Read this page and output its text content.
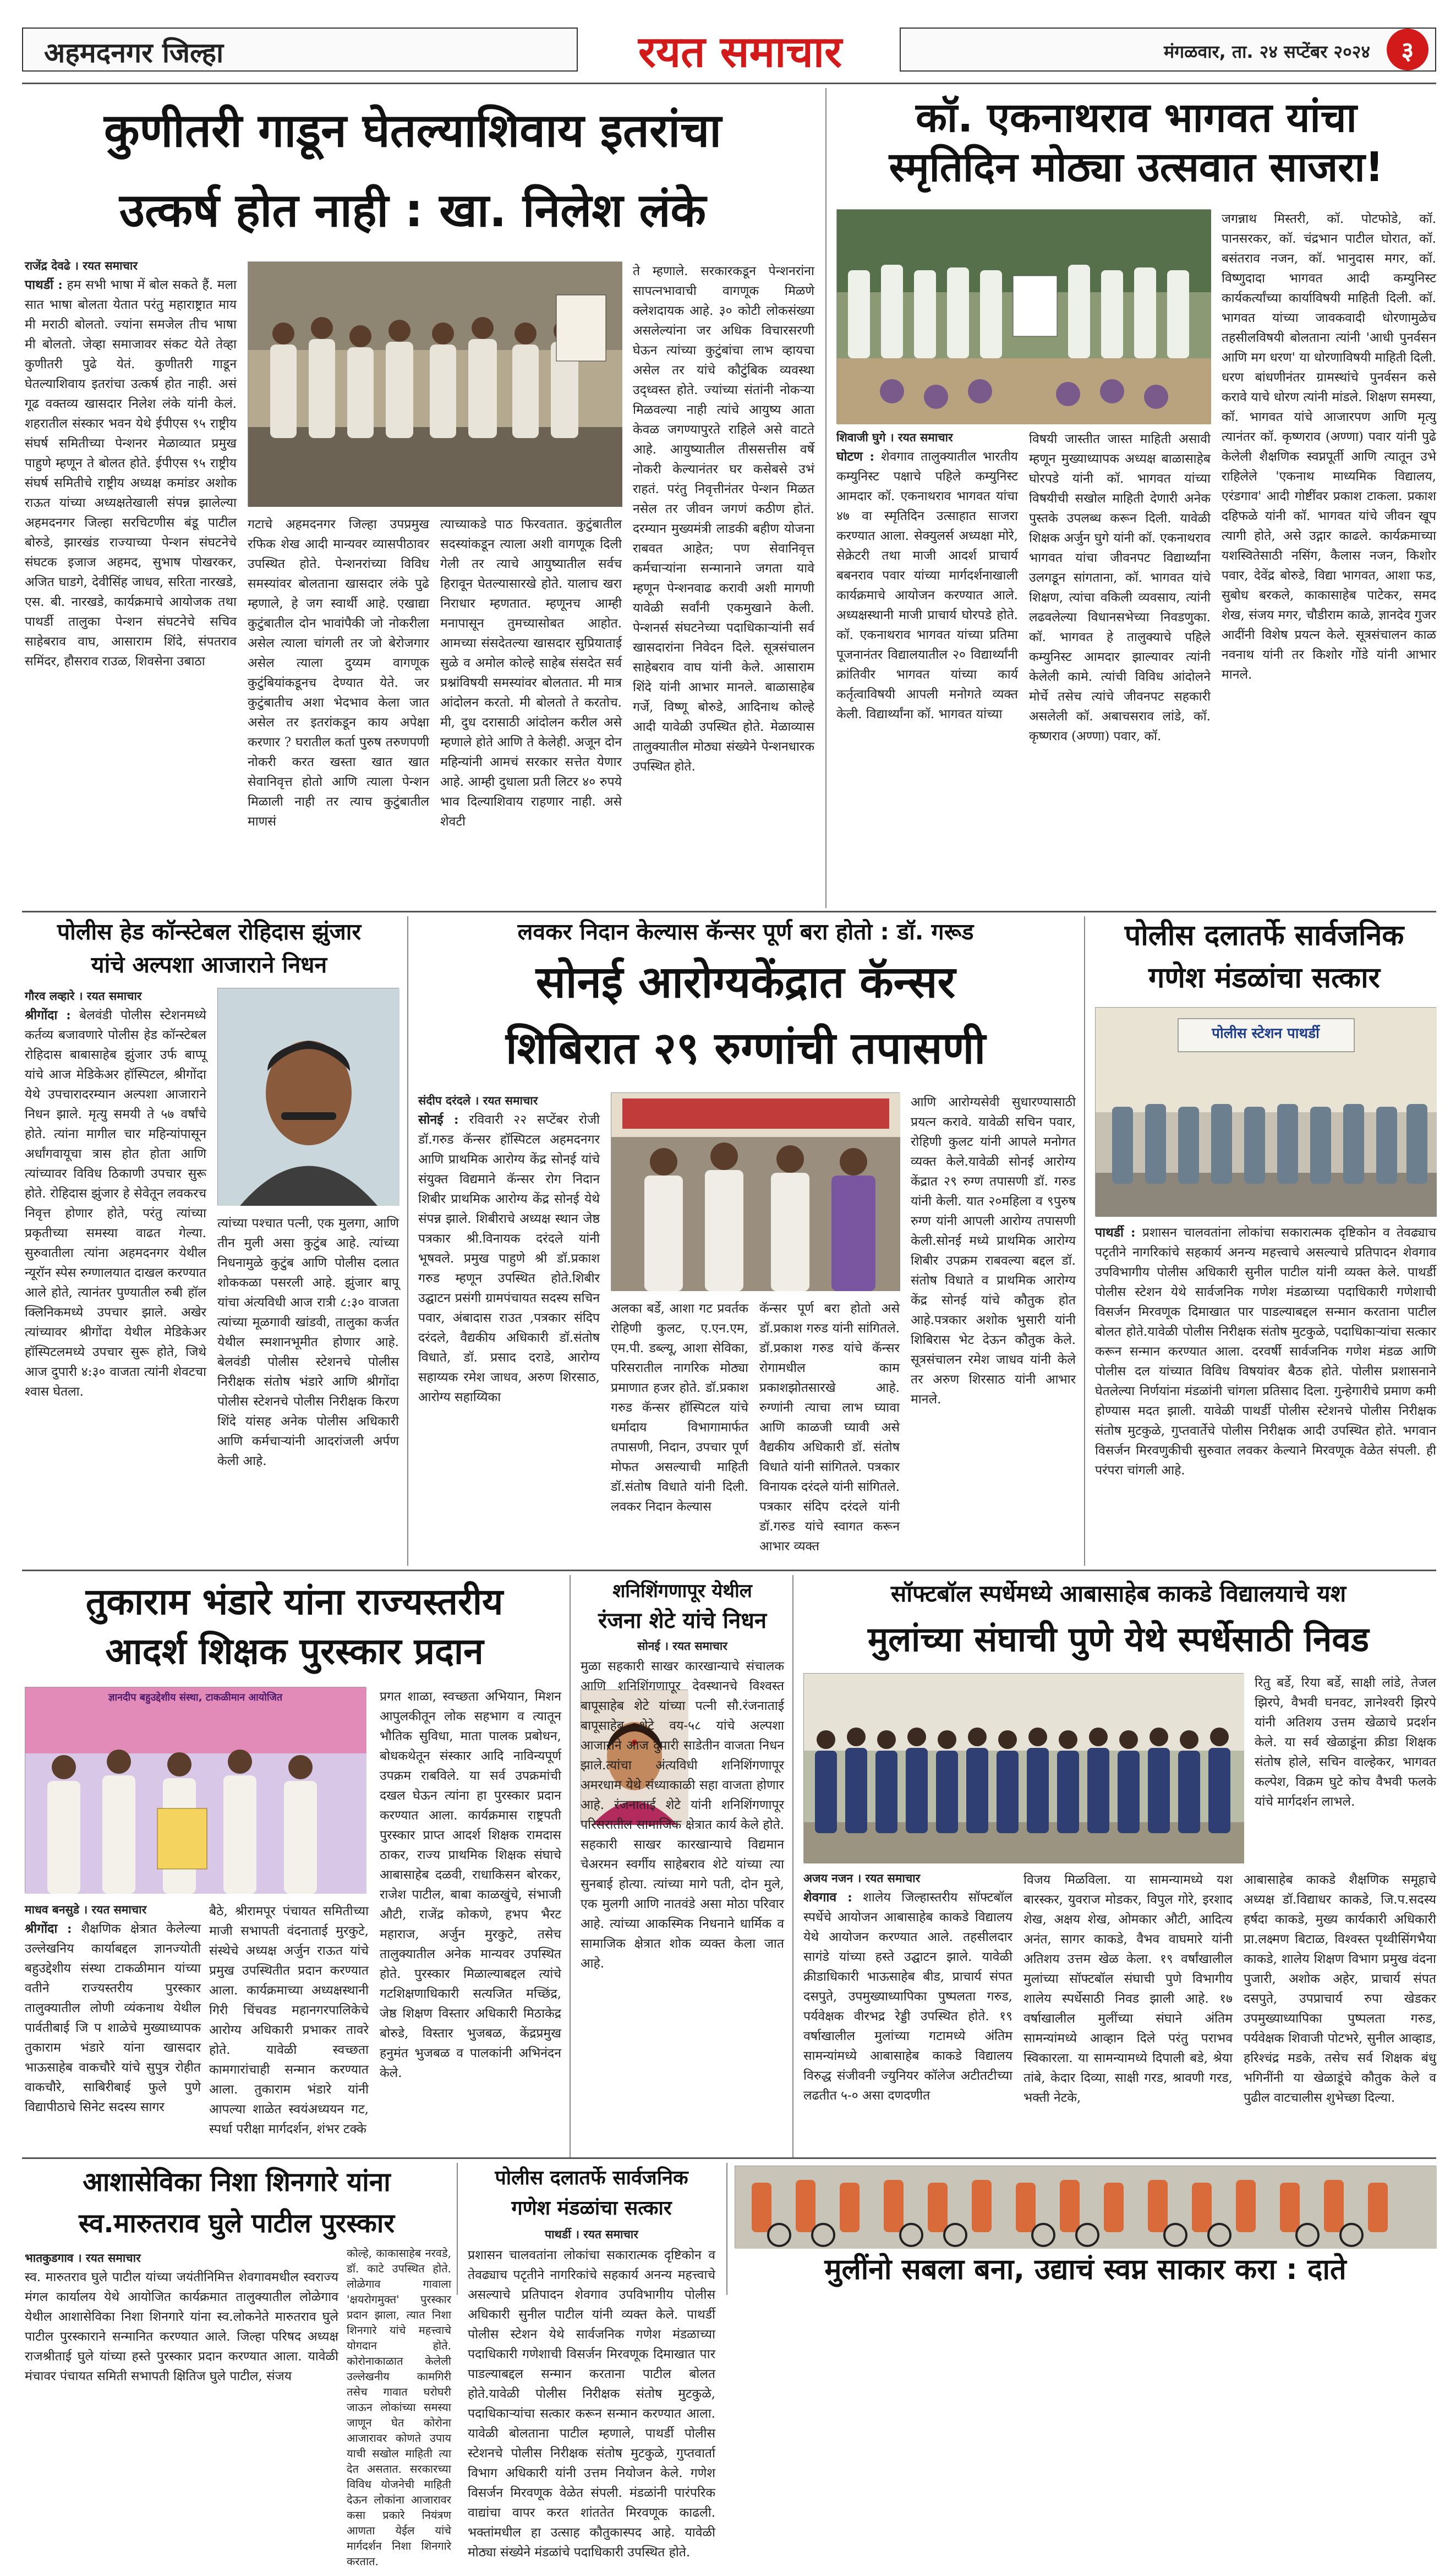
अहमदनगर जिल्हा	रयत समाचार	मंगळवार, ता. २४ सप्टेंबर २०२४	३
कुणीतरी गाडून घेतल्याशिवाय इतरांचा
उत्कर्ष होत नाही : खा. निलेश लंके
राजेंद्र देवढे । रयत समाचार
पाथर्डी : हम सभी भाषा में बोल सकते हैं. मला सात भाषा बोलता येतात परंतु महाराष्ट्रात माय मी मराठी बोलतो. ज्यांना समजेल तीच भाषा मी बोलतो. जेव्हा समाजावर संकट येते तेव्हा कुणीतरी पुढे येतं. कुणीतरी गाडून घेतल्याशिवाय इतरांचा उत्कर्ष होत नाही. असं गूढ वक्तव्य खासदार निलेश लंके यांनी केलं. शहरातील संस्कार भवन येथे ईपीएस ९५ राष्ट्रीय संघर्ष समितीच्या पेन्शनर मेळाव्यात प्रमुख पाहुणे म्हणून ते बोलत होते. ईपीएस ९५ राष्ट्रीय संघर्ष समितीचे राष्ट्रीय अध्यक्ष कमांडर अशोक राऊत यांच्या अध्यक्षतेखाली संपन्न झालेल्या अहमदनगर जिल्हा सरचिटणीस बंडू पाटील बोरुडे, झारखंड राज्याच्या पेन्शन संघटनेचे संघटक इजाज अहमद, सुभाष पोखरकर, अजित घाडगे, देवीसिंह जाधव, सरिता नारखडे, एस. बी. नारखडे, कार्यक्रमाचे आयोजक तथा पाथर्डी तालुका पेन्शन संघटनेचे सचिव साहेबराव वाघ, आसाराम शिंदे, संपतराव समिंदर, हौसराव राउळ, शिवसेना उबाठा
गटाचे अहमदनगर जिल्हा उपप्रमुख रफिक शेख आदी मान्यवर व्यासपीठावर उपस्थित होते. पेन्शनरांच्या विविध समस्यांवर बोलताना खासदार लंके पुढे म्हणाले, हे जग स्वार्थी आहे. एखाद्या कुटुंबातील दोन भावांपैकी जो नोकरीला असेल त्याला चांगली तर जो बेरोजगार असेल त्याला दुय्यम वागणूक कुटुंबियांकडूनच देण्यात येते. जर कुटुंबातीच अशा भेदभाव केला जात असेल तर इतरांकडून काय अपेक्षा करणार ? घरातील कर्ता पुरुष तरुणपणी नोकरी करत खस्ता खात खात सेवानिवृत्त होतो आणि त्याला पेन्शन मिळाली नाही तर त्याच कुटुंबातील माणसं
त्याच्याकडे पाठ फिरवतात. कुटुंबातील सदस्यांकडून त्याला अशी वागणूक दिली गेली तर त्याचे आयुष्यातील सर्वच हिरावून घेतल्यासारखे होते. यालाच खरा निराधार म्हणतात. म्हणूनच आम्ही मनापासून तुमच्यासोबत आहोत. आमच्या संसदेतल्या खासदार सुप्रियाताई सुळे व अमोल कोल्हे साहेब संसदेत सर्व प्रश्नांविषयी समस्यांवर बोलतात. मी मात्र आंदोलन करतो. मी बोलतो ते करतोच. मी, दुध दरासाठी आंदोलन करील असे म्हणाले होते आणि ते केलेही. अजून दोन महिन्यांनी आमचं सरकार सत्तेत येणार आहे. आम्ही दुधाला प्रती लिटर ४० रुपये भाव दिल्याशिवाय राहणार नाही. असे शेवटी
ते म्हणाले. सरकारकडून पेन्शनरांना सापत्नभावाची वागणूक मिळणे क्लेशदायक आहे. ३० कोटी लोकसंख्या असलेल्यांना जर अधिक विचारसरणी घेऊन त्यांच्या कुटुंबांचा लाभ व्हायचा असेल तर यांचे कौटुंबिक व्यवस्था उद्ध्वस्त होते. ज्यांच्या संतांनी नोकऱ्या मिळवल्या नाही त्यांचे आयुष्य आता केवळ जगण्यापुरते राहिले असे वाटते आहे. आयुष्यातील तीससत्तीस वर्षे नोकरी केल्यानंतर घर कसेबसे उभं राहतं. परंतु निवृत्तीनंतर पेन्शन मिळत नसेल तर जीवन जगणं कठीण होतं. दरम्यान मुख्यमंत्री लाडकी बहीण योजना राबवत आहेत; पण सेवानिवृत्त कर्मचाऱ्यांना सन्मानाने जगता यावे म्हणून पेन्शनवाढ करावी अशी मागणी यावेळी सर्वांनी एकमुखाने केली. पेन्शनर्स संघटनेच्या पदाधिकाऱ्यांनी सर्व खासदारांना निवेदन दिले. सूत्रसंचालन साहेबराव वाघ यांनी केले. आसाराम शिंदे यांनी आभार मानले. बाळासाहेब गर्जे, विष्णू बोरुडे, आदिनाथ कोल्हे आदी यावेळी उपस्थित होते. मेळाव्यास तालुक्यातील मोठ्या संख्येने पेन्शनधारक उपस्थित होते.
कॉ. एकनाथराव भागवत यांचा
स्मृतिदिन मोठ्या उत्सवात साजरा!
शिवाजी घुगे । रयत समाचार
घोटण : शेवगाव तालुक्यातील भारतीय कम्युनिस्ट पक्षाचे पहिले कम्युनिस्ट आमदार कॉ. एकनाथराव भागवत यांचा ४७ वा स्मृतिदिन उत्साहात साजरा करण्यात आला. सेक्युलर्स अध्यक्षा मोरे, सेक्रेटरी तथा माजी आदर्श प्राचार्य बबनराव पवार यांच्या मार्गदर्शनाखाली कार्यक्रमाचे आयोजन करण्यात आले. अध्यक्षस्थानी माजी प्राचार्य घोरपडे होते. कॉ. एकनाथराव भागवत यांच्या प्रतिमा पूजनानंतर विद्यालयातील २० विद्यार्थ्यांनी क्रांतिवीर भागवत यांच्या कार्य कर्तृत्वाविषयी आपली मनोगते व्यक्त केली. विद्यार्थ्यांना कॉ. भागवत यांच्या
विषयी जास्तीत जास्त माहिती असावी म्हणून मुख्याध्यापक अध्यक्ष बाळासाहेब घोरपडे यांनी कॉ. भागवत यांच्या विषयीची सखोल माहिती देणारी अनेक पुस्तके उपलब्ध करून दिली. यावेळी शिक्षक अर्जुन घुगे यांनी कॉ. एकनाथराव भागवत यांचा जीवनपट विद्यार्थ्यांना उलगडून सांगताना, कॉ. भागवत यांचे शिक्षण, त्यांचा वकिली व्यवसाय, त्यांनी लढवलेल्या विधानसभेच्या निवडणुका. कॉ. भागवत हे तालुक्याचे पहिले कम्युनिस्ट आमदार झाल्यावर त्यांनी केलेली कामे. त्यांची विविध आंदोलने मोर्चे तसेच त्यांचे जीवनपट सहकारी असलेली कॉ. अबाचसराव लांडे, कॉ. कृष्णराव (अण्णा) पवार, कॉ.
जगन्नाथ मिस्तरी, कॉ. पोटफोडे, कॉ. पानसरकर, कॉ. चंद्रभान पाटील घोरात, कॉ. बसंतराव नजन, कॉ. भानुदास मगर, कॉ. विष्णुदादा भागवत आदी कम्युनिस्ट कार्यकर्त्यांच्या कार्याविषयी माहिती दिली. कॉ. भागवत यांच्या जावकवादी धोरणामुळेच तहसीलविषयी बोलताना त्यांनी 'आधी पुनर्वसन आणि मग धरण' या धोरणाविषयी माहिती दिली. धरण बांधणीनंतर ग्रामस्थांचे पुनर्वसन कसे करावे याचे धोरण त्यांनी मांडले. शिक्षण समस्या, कॉ. भागवत यांचे आजारपण आणि मृत्यु त्यानंतर कॉ. कृष्णराव (अण्णा) पवार यांनी पुढे केलेली शैक्षणिक स्वप्नपूर्ती आणि त्यातून उभे राहिलेले 'एकनाथ माध्यमिक विद्यालय, एरंडगाव' आदी गोष्टींवर प्रकाश टाकला. प्रकाश दहिफळे यांनी कॉ. भागवत यांचे जीवन खूप त्यागी होते, असे उद्गार काढले. कार्यक्रमाच्या यशस्वितेसाठी नसिंग, कैलास नजन, किशोर पवार, देवेंद्र बोरुडे, विद्या भागवत, आशा फड, सुबोध बरकले, काकासाहेब पाटेकर, समद शेख, संजय मगर, चौडीराम काळे, ज्ञानदेव गुजर आदींनी विशेष प्रयत्न केले. सूत्रसंचालन काळ नवनाथ यांनी तर किशोर गोंडे यांनी आभार मानले.
पोलीस हेड कॉन्स्टेबल रोहिदास झुंजार
यांचे अल्पशा आजाराने निधन
गौरव लव्हारे । रयत समाचार
श्रीगोंदा : बेलवंडी पोलीस स्टेशनमध्ये कर्तव्य बजावणारे पोलीस हेड कॉन्स्टेबल रोहिदास बाबासाहेब झुंजार उर्फ बाप्पू यांचे आज मेडिकेअर हॉस्पिटल, श्रीगोंदा येथे उपचारादरम्यान अल्पशा आजाराने निधन झाले. मृत्यु समयी ते ५७ वर्षांचे होते. त्यांना मागील चार महिन्यांपासून अर्धांगवायूचा त्रास होत होता आणि त्यांच्यावर विविध ठिकाणी उपचार सुरू होते. रोहिदास झुंजार हे सेवेतून लवकरच निवृत्त होणार होते, परंतु त्यांच्या प्रकृतीच्या समस्या वाढत गेल्या. सुरुवातीला त्यांना अहमदनगर येथील न्यूरॉन स्पेस रुग्णालयात दाखल करण्यात आले होते, त्यानंतर पुण्यातील रुबी हॉल क्लिनिकमध्ये उपचार झाले. अखेर त्यांच्यावर श्रीगोंदा येथील मेडिकेअर हॉस्पिटलमध्ये उपचार सुरू होते, जिथे आज दुपारी ४:३० वाजता त्यांनी शेवटचा श्वास घेतला.
त्यांच्या पश्चात पत्नी, एक मुलगा, आणि तीन मुली असा कुटुंब आहे. त्यांच्या निधनामुळे कुटुंब आणि पोलीस दलात शोककळा पसरली आहे. झुंजार बापू यांचा अंत्यविधी आज रात्री ८:३० वाजता त्यांच्या मूळगावी खांडवी, तालुका कर्जत येथील स्मशानभूमीत होणार आहे. बेलवंडी पोलीस स्टेशनचे पोलीस निरीक्षक संतोष भंडारे आणि श्रीगोंदा पोलीस स्टेशनचे पोलीस निरीक्षक किरण शिंदे यांसह अनेक पोलीस अधिकारी आणि कर्मचाऱ्यांनी आदरांजली अर्पण केली आहे.
लवकर निदान केल्यास कॅन्सर पूर्ण बरा होतो : डॉ. गरूड
सोनई आरोग्यकेंद्रात कॅन्सर
शिबिरात २९ रुग्णांची तपासणी
संदीप दरंदले । रयत समाचार
सोनई : रविवारी २२ सप्टेंबर रोजी डॉ.गरुड कॅन्सर हॉस्पिटल अहमदनगर आणि प्राथमिक आरोग्य केंद्र सोनई यांचे संयुक्त विद्यमाने कॅन्सर रोग निदान शिबीर प्राथमिक आरोग्य केंद्र सोनई येथे संपन्न झाले. शिबीराचे अध्यक्ष स्थान जेष्ठ पत्रकार श्री.विनायक दरंदले यांनी भूषवले. प्रमुख पाहुणे श्री डॉ.प्रकाश गरुड म्हणून उपस्थित होते.शिबीर उद्घाटन प्रसंगी ग्रामपंचायत सदस्य सचिन पवार, अंबादास राउत ,पत्रकार संदिप दरंदले, वैद्यकीय अधिकारी डॉ.संतोष विधाते, डॉ. प्रसाद दराडे, आरोग्य सहाय्यक रमेश जाधव, अरुण शिरसाठ, आरोग्य सहाय्यिका
अलका बर्डे, आशा गट प्रवर्तक रोहिणी कुलट, ए.एन.एम, एम.पी. डब्ल्यू, आशा सेविका, परिसरातील नागरिक मोठ्या प्रमाणात हजर होते. डॉ.प्रकाश गरुड कॅन्सर हॉस्पिटल यांचे धर्मादाय विभागामार्फत तपासणी, निदान, उपचार पूर्ण मोफत असल्याची माहिती डॉ.संतोष विधाते यांनी दिली. लवकर निदान केल्यास
कॅन्सर पूर्ण बरा होतो असे डॉ.प्रकाश गरुड यांनी सांगितले. डॉ.प्रकाश गरुड यांचे कॅन्सर रोगामधील काम प्रकाशझोतसारखे आहे. रुग्णांनी त्याचा लाभ घ्यावा आणि काळजी घ्यावी असे वैद्यकीय अधिकारी डॉ. संतोष विधाते यांनी सांगितले. पत्रकार विनायक दरंदले यांनी सांगितले. पत्रकार संदिप दरंदले यांनी डॉ.गरुड यांचे स्वागत करून आभार व्यक्त
आणि आरोग्यसेवी सुधारण्यासाठी प्रयत्न करावे. यावेळी सचिन पवार, रोहिणी कुलट यांनी आपले मनोगत व्यक्त केले.यावेळी सोनई आरोग्य केंद्रात २९ रुग्ण तपासणी डॉ. गरुड यांनी केली. यात २०महिला व ९पुरुष रुग्ण यांनी आपली आरोग्य तपासणी केली.सोनई मध्ये प्राथमिक आरोग्य शिबीर उपक्रम राबवल्या बद्दल डॉ. संतोष विधाते व प्राथमिक आरोग्य केंद्र सोनई यांचे कौतुक होत आहे.पत्रकार अशोक भुसारी यांनी शिबिरास भेट देऊन कौतुक केले. सूत्रसंचालन रमेश जाधव यांनी केले तर अरुण शिरसाठ यांनी आभार मानले.
पोलीस दलातर्फे सार्वजनिक
गणेश मंडळांचा सत्कार
पोलीस स्टेशन पाथर्डी
पाथर्डी : प्रशासन चालवतांना लोकांचा सकारात्मक दृष्टिकोन व तेवढ्याच पटृतीने नागरिकांचे सहकार्य अनन्य महत्त्वाचे असल्याचे प्रतिपादन शेवगाव उपविभागीय पोलीस अधिकारी सुनील पाटील यांनी व्यक्त केले. पाथर्डी पोलीस स्टेशन येथे सार्वजनिक गणेश मंडळाच्या पदाधिकारी गणेशाची विसर्जन मिरवणूक दिमाखात पार पाडल्याबद्दल सन्मान करताना पाटील बोलत होते.यावेळी पोलीस निरीक्षक संतोष मुटकुळे, पदाधिकाऱ्यांचा सत्कार करून सन्मान करण्यात आला. दरवर्षी सार्वजनिक गणेश मंडळ आणि पोलीस दल यांच्यात विविध विषयांवर बैठक होते. पोलीस प्रशासनाने घेतलेल्या निर्णयांना मंडळांनी चांगला प्रतिसाद दिला. गुन्हेगारीचे प्रमाण कमी होण्यास मदत झाली. यावेळी पाथर्डी पोलीस स्टेशनचे पोलीस निरीक्षक संतोष मुटकुळे, गुप्तवार्तेचे पोलीस निरीक्षक आदी उपस्थित होते. भगवान विसर्जन मिरवणुकीची सुरुवात लवकर केल्याने मिरवणूक वेळेत संपली. ही परंपरा चांगली आहे.
तुकाराम भंडारे यांना राज्यस्तरीय
आदर्श शिक्षक पुरस्कार प्रदान
ज्ञानदीप बहुउद्देशीय संस्था, टाकळीमान आयोजित
माधव बनसुडे । रयत समाचार
श्रीगोंदा : शैक्षणिक क्षेत्रात केलेल्या उल्लेखनिय कार्याबद्दल ज्ञानज्योती बहुउद्देशीय संस्था टाकळीमान यांच्या वतीने राज्यस्तरीय पुरस्कार तालुक्यातील लोणी व्यंकनाथ येथील पार्वतीबाई जि प शाळेचे मुख्याध्यापक तुकाराम भंडारे यांना खासदार भाऊसाहेब वाकचौरे यांचे सुपुत्र रोहीत वाकचौरे, साबिरीबाई फुले पुणे विद्यापीठाचे सिनेट सदस्य सागर
बैठे, श्रीरामपूर पंचायत समितीच्या माजी सभापती वंदनाताई मुरकुटे, संस्थेचे अध्यक्ष अर्जुन राऊत यांचे प्रमुख उपस्थितीत प्रदान करण्यात आला. कार्यक्रमाच्या अध्यक्षस्थानी गिरी चिंचवड महानगरपालिकेचे आरोग्य अधिकारी प्रभाकर तावरे होते. यावेळी स्वच्छता कामगारांचाही सन्मान करण्यात आला. तुकाराम भंडारे यांनी आपल्या शाळेत स्वयंअध्ययन गट, स्पर्धा परीक्षा मार्गदर्शन, शंभर टक्के
प्रगत शाळा, स्वच्छता अभियान, मिशन आपुलकीतून लोक सहभाग व त्यातून भौतिक सुविधा, माता पालक प्रबोधन, बोधकथेतून संस्कार आदि नाविन्यपूर्ण उपक्रम राबविले. या सर्व उपक्रमांची दखल घेऊन त्यांना हा पुरस्कार प्रदान करण्यात आला. कार्यक्रमास राष्ट्रपती पुरस्कार प्राप्त आदर्श शिक्षक रामदास ठाकर, राज्य प्राथमिक शिक्षक संघाचे आबासाहेब दळवी, राधाकिसन बोरकर, राजेश पाटील, बाबा काळखुंचे, संभाजी औटी, राजेंद्र कोकणे, हभप भैरट महाराज, अर्जुन मुरकुटे, तसेच तालुक्यातील अनेक मान्यवर उपस्थित होते. पुरस्कार मिळाल्याबद्दल त्यांचे गटशिक्षणाधिकारी सत्यजित मच्छिंद्र, जेष्ठ शिक्षण विस्तार अधिकारी मिठाकेद्र बोरुडे, विस्तार भुजबळ, केंद्रप्रमुख हनुमंत भुजबळ व पालकांनी अभिनंदन केले.
शनिशिंगणापूर येथील
रंजना शेटे यांचे निधन
सोनई । रयत समाचार
मुळा सहकारी साखर कारखान्याचे संचालक आणि शनिशिंगणापूर देवस्थानचे विश्वस्त बापूसाहेब शेटे यांच्या पत्नी सौ.रंजनाताई बापूसाहेब शेटे वय-५८ यांचे अल्पशा आजाराने आज दुपारी साडेतीन वाजता निधन झाले.त्यांचा अंत्यविधी शनिशिंगणापूर अमरधाम येथे संध्याकाळी सहा वाजता होणार आहे. रंजनाताई शेटे यांनी शनिशिंगणापूर परिसरातील सामाजिक क्षेत्रात कार्य केले होते. सहकारी साखर कारखान्याचे विद्यमान चेअरमन स्वर्गीय साहेबराव शेटे यांच्या त्या सुनबाई होत्या. त्यांच्या मागे पती, दोन मुले, एक मुलगी आणि नातवंडे असा मोठा परिवार आहे. त्यांच्या आकस्मिक निधनाने धार्मिक व सामाजिक क्षेत्रात शोक व्यक्त केला जात आहे.
सॉफ्टबॉल स्पर्धेमध्ये आबासाहेब काकडे विद्यालयाचे यश
मुलांच्या संघाची पुणे येथे स्पर्धेसाठी निवड
रितु बर्डे, रिया बर्डे, साक्षी लांडे, तेजल झिरपे, वैभवी घनवट, ज्ञानेश्वरी झिरपे यांनी अतिशय उत्तम खेळाचे प्रदर्शन केले. या सर्व खेळाडूंना क्रीडा शिक्षक संतोष होले, सचिन वाल्हेकर, भागवत कल्पेश, विक्रम घुटे कोच वैभवी फलके यांचे मार्गदर्शन लाभले.
अजय नजन । रयत समाचार
शेवगाव : शालेय जिल्हास्तरीय सॉफ्टबॉल स्पर्धेचे आयोजन आबासाहेब काकडे विद्यालय येथे आयोजन करण्यात आले. तहसीलदार सागंडे यांच्या हस्ते उद्घाटन झाले. यावेळी क्रीडाधिकारी भाऊसाहेब बीड, प्राचार्य संपत दसपुते, उपमुख्याध्यापिका पुष्पलता गरुड, पर्यवेक्षक वीरभद्र रेड्डी उपस्थित होते. १९ वर्षाखालील मुलांच्या गटामध्ये अंतिम सामन्यांमध्ये आबासाहेब काकडे विद्यालय विरुद्ध संजीवनी ज्युनियर कॉलेज अटीतटीच्या लढतीत ५-० असा दणदणीत
विजय मिळविला. या सामन्यामध्ये यश बारस्कर, युवराज मोडकर, विपुल गोरे, इरशाद शेख, अक्षय शेख, ओमकार औटी, आदित्य अनंत, सागर काकडे, वैभव वाघमारे यांनी अतिशय उत्तम खेळ केला. १९ वर्षांखालील मुलांच्या सॉफ्टबॉल संघाची पुणे विभागीय शालेय स्पर्धेसाठी निवड झाली आहे. १७ वर्षाखालील मुलींच्या संघाने अंतिम सामन्यांमध्ये आव्हान दिले परंतु पराभव स्विकारला. या सामन्यामध्ये दिपाली बडे, श्रेया तांबे, केदार दिव्या, साक्षी गरड, श्रावणी गरड, भक्ती नेटके,
आबासाहेब काकडे शैक्षणिक समूहाचे अध्यक्ष डॉ.विद्याधर काकडे, जि.प.सदस्य हर्षदा काकडे, मुख्य कार्यकारी अधिकारी प्रा.लक्ष्मण बिटाळ, विश्वस्त पृथ्वीसिंगभैया काकडे, शालेय शिक्षण विभाग प्रमुख वंदना पुजारी, अशोक अहेर, प्राचार्य संपत दसपुते, उपप्राचार्य रुपा खेडकर उपमुख्याध्यापिका पुष्पलता गरुड, पर्यवेक्षक शिवाजी पोटभरे, सुनील आव्हाड, हरिश्चंद्र मडके, तसेच सर्व शिक्षक बंधु भगिनींनी या खेळाडूंचे कौतुक केले व पुढील वाटचालीस शुभेच्छा दिल्या.
आशासेविका निशा शिनगारे यांना
स्व.मारुतराव घुले पाटील पुरस्कार
कोल्हे, काकासाहेब नरवडे, डॉ. काटे उपस्थित होते. लोळेगाव गावाला 'क्षयरोगमुक्त' पुरस्कार प्रदान झाला, त्यात निशा शिनगारे यांचे महत्त्वाचे योगदान होते. कोरोनाकाळात केलेली उल्लेखनीय कामगिरी तसेच गावात घरोघरी जाऊन लोकांच्या समस्या जाणून घेत कोरोना आजारावर कोणते उपाय याची सखोल माहिती त्या देत असतात. सरकारच्या विविध योजनेची माहिती देऊन लोकांना आजारावर कसा प्रकारे नियंत्रण आणता येईल यांचे मार्गदर्शन निशा शिनगारे करतात.
भातकुडगाव । रयत समाचार
स्व. मारुतराव घुले पाटील यांच्या जयंतीनिमित्त शेवगावमधील स्वराज्य मंगल कार्यालय येथे आयोजित कार्यक्रमात तालुक्यातील लोळेगाव येथील आशासेविका निशा शिनगारे यांना स्व.लोकनेते मारुतराव घुले पाटील पुरस्काराने सन्मानित करण्यात आले. जिल्हा परिषद अध्यक्ष राजश्रीताई घुले यांच्या हस्ते पुरस्कार प्रदान करण्यात आला. यावेळी मंचावर पंचायत समिती सभापती क्षितिज घुले पाटील, संजय
पोलीस दलातर्फे सार्वजनिक
गणेश मंडळांचा सत्कार
पाथर्डी । रयत समाचार
प्रशासन चालवतांना लोकांचा सकारात्मक दृष्टिकोन व तेवढ्याच पटृतीने नागरिकांचे सहकार्य अनन्य महत्त्वाचे असल्याचे प्रतिपादन शेवगाव उपविभागीय पोलीस अधिकारी सुनील पाटील यांनी व्यक्त केले. पाथर्डी पोलीस स्टेशन येथे सार्वजनिक गणेश मंडळाच्या पदाधिकारी गणेशाची विसर्जन मिरवणूक दिमाखात पार पाडल्याबद्दल सन्मान करताना पाटील बोलत होते.यावेळी पोलीस निरीक्षक संतोष मुटकुळे, पदाधिकाऱ्यांचा सत्कार करून सन्मान करण्यात आला. यावेळी बोलताना पाटील म्हणाले, पाथर्डी पोलीस स्टेशनचे पोलीस निरीक्षक संतोष मुटकुळे, गुप्तवार्ता विभाग अधिकारी यांनी उत्तम नियोजन केले. गणेश विसर्जन मिरवणूक वेळेत संपली. मंडळांनी पारंपरिक वाद्यांचा वापर करत शांततेत मिरवणूक काढली. भक्तांमधील हा उत्साह कौतुकास्पद आहे. यावेळी मोठ्या संख्येने मंडळांचे पदाधिकारी उपस्थित होते.
मुलींनो सबला बना, उद्याचं स्वप्न साकार करा : दाते
